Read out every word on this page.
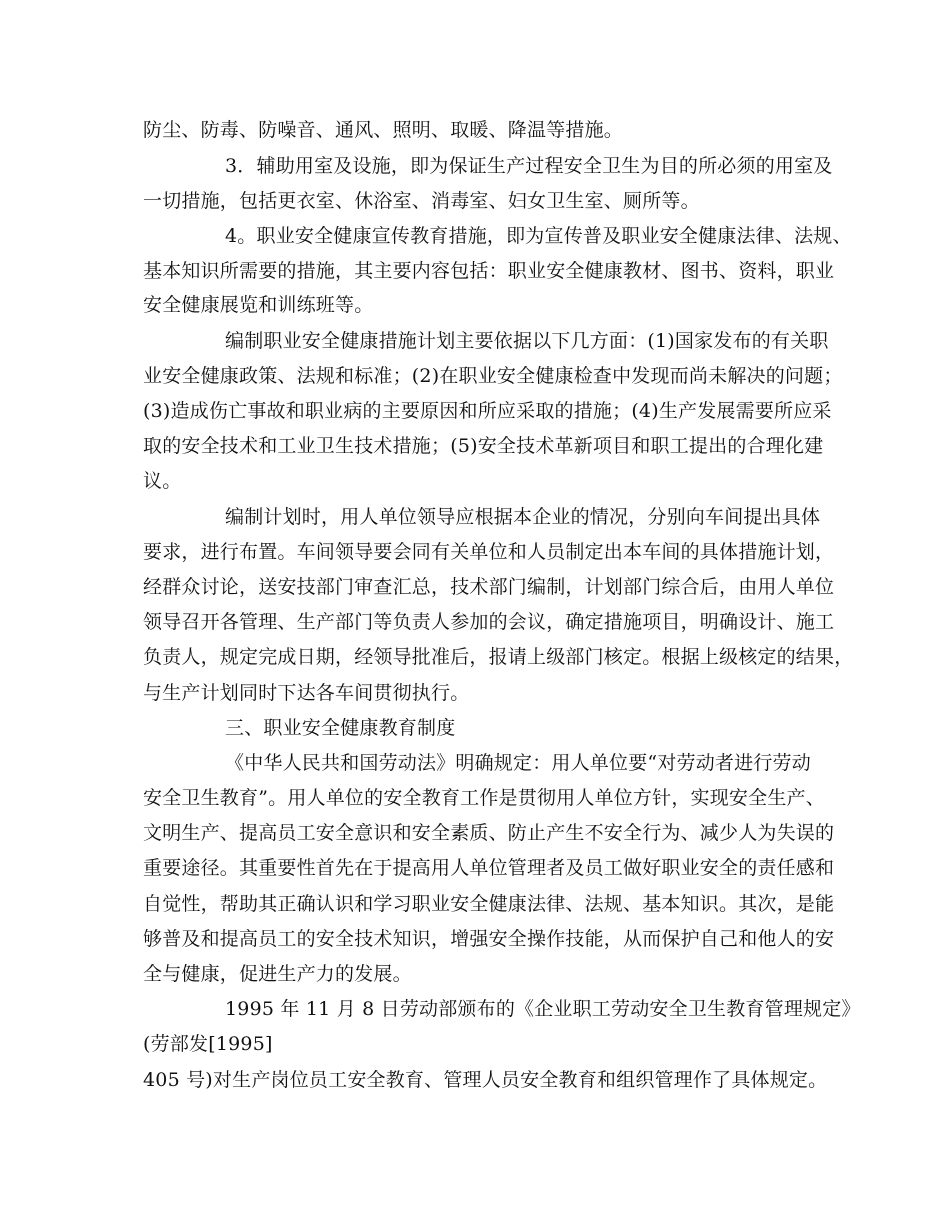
防尘、防毒、防噪音、通风、照明、取暖、降温等措施。
3．辅助用室及设施，即为保证生产过程安全卫生为目的所必须的用室及
一切措施，包括更衣室、休浴室、消毒室、妇女卫生室、厕所等。
4。职业安全健康宣传教育措施，即为宣传普及职业安全健康法律、法规、
基本知识所需要的措施，其主要内容包括：职业安全健康教材、图书、资料，职业
安全健康展览和训练班等。
编制职业安全健康措施计划主要依据以下几方面：(1)国家发布的有关职
业安全健康政策、法规和标准；(2)在职业安全健康检查中发现而尚未解决的问题；
(3)造成伤亡事故和职业病的主要原因和所应采取的措施；(4)生产发展需要所应采
取的安全技术和工业卫生技术措施；(5)安全技术革新项目和职工提出的合理化建
议。
编制计划时，用人单位领导应根据本企业的情况，分别向车间提出具体
要求，进行布置。车间领导要会同有关单位和人员制定出本车间的具体措施计划，
经群众讨论，送安技部门审查汇总，技术部门编制，计划部门综合后，由用人单位
领导召开各管理、生产部门等负责人参加的会议，确定措施项目，明确设计、施工
负责人，规定完成日期，经领导批准后，报请上级部门核定。根据上级核定的结果，
与生产计划同时下达各车间贯彻执行。
三、职业安全健康教育制度
《中华人民共和国劳动法》明确规定：用人单位要“对劳动者进行劳动
安全卫生教育”。用人单位的安全教育工作是贯彻用人单位方针，实现安全生产、
文明生产、提高员工安全意识和安全素质、防止产生不安全行为、减少人为失误的
重要途径。其重要性首先在于提高用人单位管理者及员工做好职业安全的责任感和
自觉性，帮助其正确认识和学习职业安全健康法律、法规、基本知识。其次，是能
够普及和提高员工的安全技术知识，增强安全操作技能，从而保护自己和他人的安
全与健康，促进生产力的发展。
1995 年 11 月 8 日劳动部颁布的《企业职工劳动安全卫生教育管理规定》
(劳部发[1995]
405 号)对生产岗位员工安全教育、管理人员安全教育和组织管理作了具体规定。
